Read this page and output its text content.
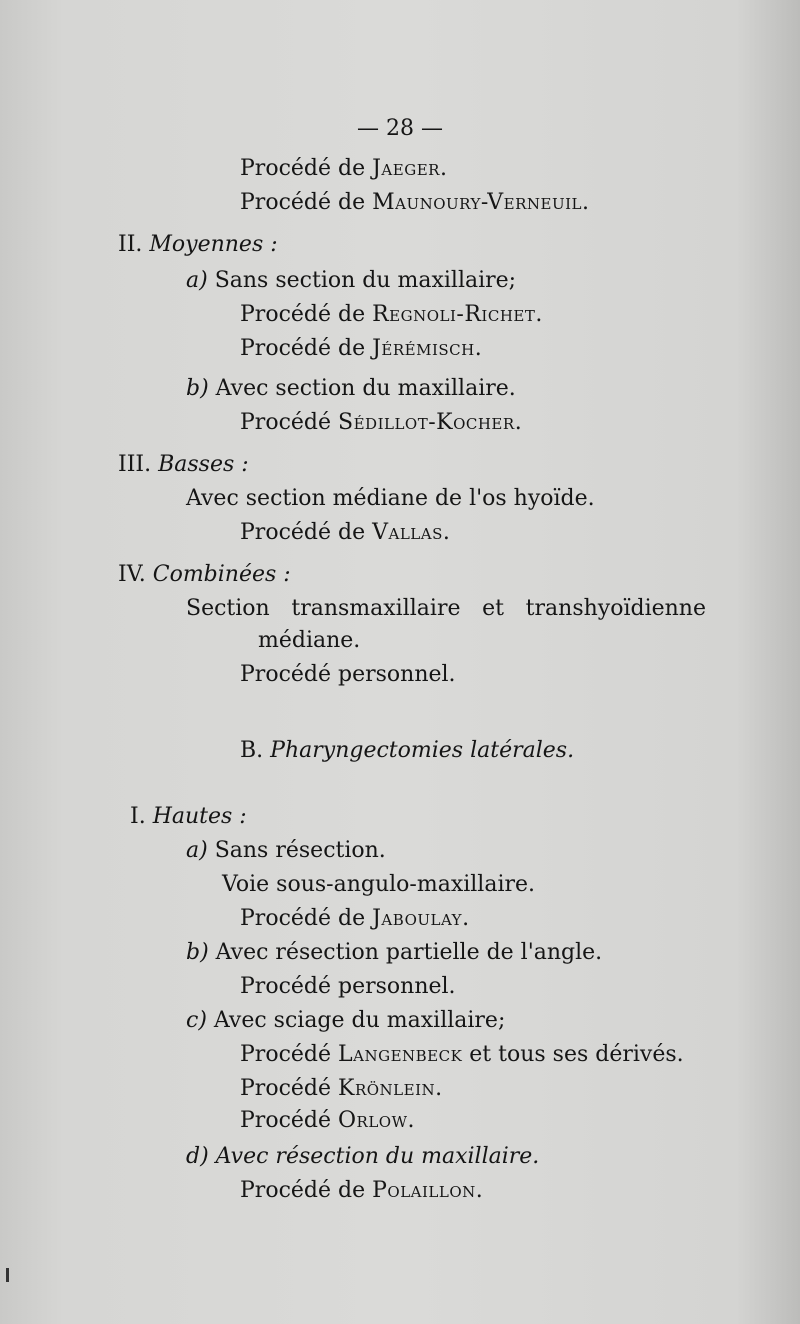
— 28 —
Procédé de Jaeger.
Procédé de Maunoury-Verneuil.
II. Moyennes :
a) Sans section du maxillaire;
Procédé de Regnoli-Richet.
Procédé de Jérémisch.
b) Avec section du maxillaire.
Procédé Sédillot-Kocher.
III. Basses :
Avec section médiane de l'os hyoïde.
Procédé de Vallas.
IV. Combinées :
Section transmaxillaire et transhyoïdienne
médiane.
Procédé personnel.
B. Pharyngectomies latérales.
I. Hautes :
a) Sans résection.
Voie sous-angulo-maxillaire.
Procédé de Jaboulay.
b) Avec résection partielle de l'angle.
Procédé personnel.
c) Avec sciage du maxillaire;
Procédé Langenbeck et tous ses dérivés.
Procédé Krönlein.
Procédé Orlow.
d) Avec résection du maxillaire.
Procédé de Polaillon.
